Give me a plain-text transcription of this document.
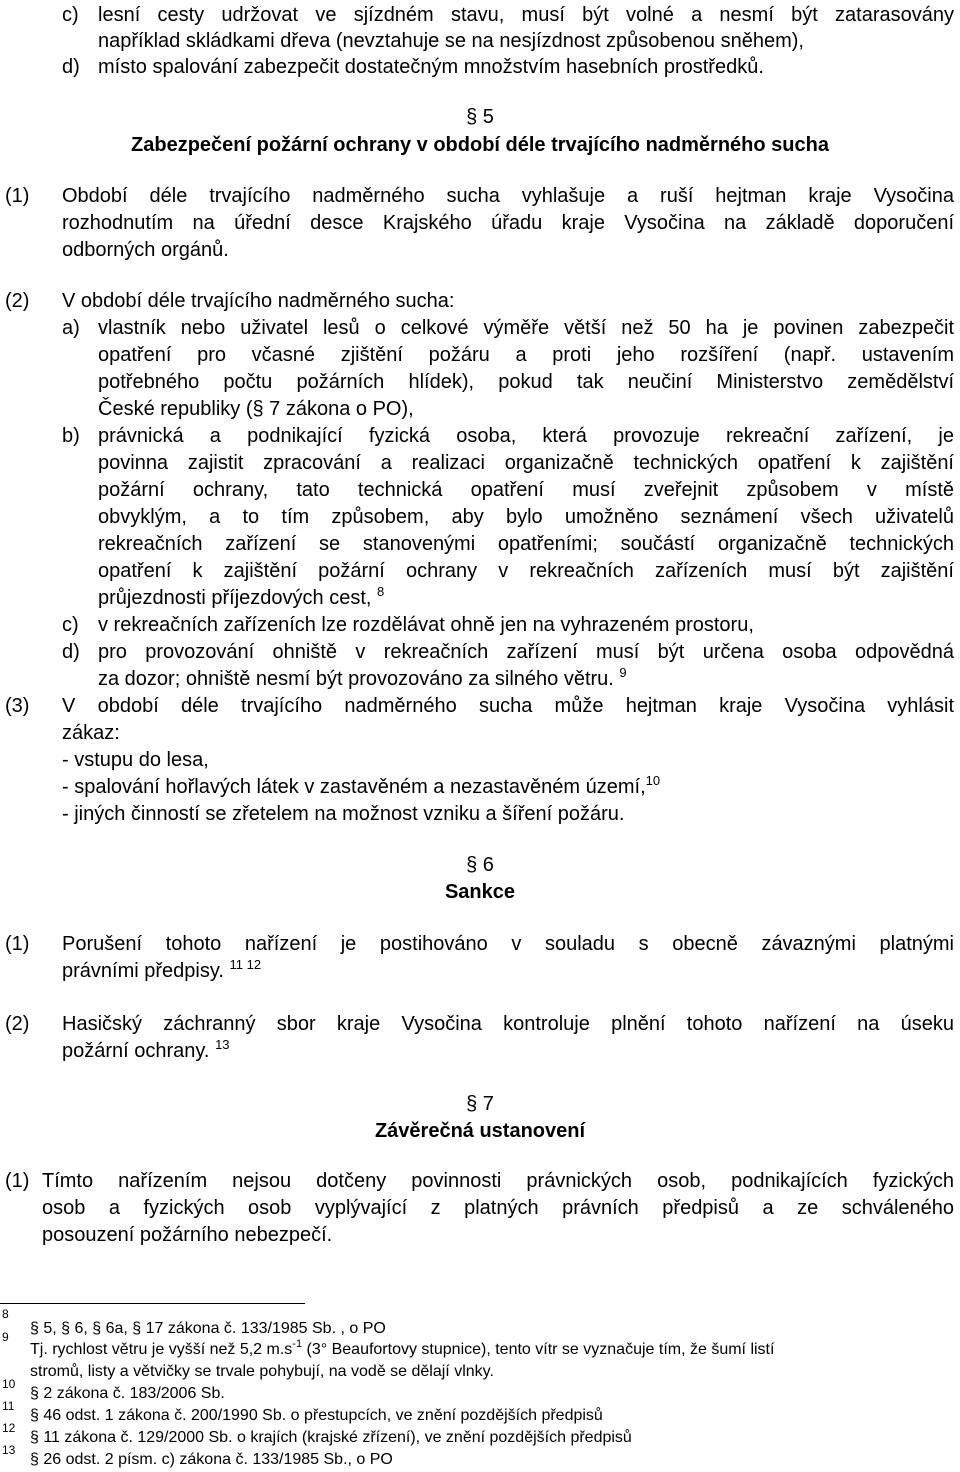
c) lesní cesty udržovat ve sjízdném stavu, musí být volné a nesmí být zatarasovány
například skládkami dřeva (nevztahuje se na nesjízdnost způsobenou sněhem),
d) místo spalování zabezpečit dostatečným množstvím hasebních prostředků.
§ 5
Zabezpečení požární ochrany v období déle trvajícího nadměrného sucha
(1) Období déle trvajícího nadměrného sucha vyhlašuje a ruší hejtman kraje Vysočina
rozhodnutím na úřední desce Krajského úřadu kraje Vysočina na základě doporučení
odborných orgánů.
(2) V období déle trvajícího nadměrného sucha:
a) vlastník nebo uživatel lesů o celkové výměře větší než 50 ha je povinen zabezpečit
opatření pro včasné zjištění požáru a proti jeho rozšíření (např. ustavením
potřebného počtu požárních hlídek), pokud tak neučiní Ministerstvo zemědělství
České republiky (§ 7 zákona o PO),
b) právnická a podnikající fyzická osoba, která provozuje rekreační zařízení, je
povinna zajistit zpracování a realizaci organizačně technických opatření k zajištění
požární ochrany, tato technická opatření musí zveřejnit způsobem v místě
obvyklým, a to tím způsobem, aby bylo umožněno seznámení všech uživatelů
rekreačních zařízení se stanovenými opatřeními; součástí organizačně technických
opatření k zajištění požární ochrany v rekreačních zařízeních musí být zajištění
průjezdnosti příjezdových cest, $^8$
c) v rekreačních zařízeních lze rozdělávat ohně jen na vyhrazeném prostoru,
d) pro provozování ohniště v rekreačních zařízení musí být určena osoba odpovědná
za dozor; ohniště nesmí být provozováno za silného větru. $^9$
(3) V období déle trvajícího nadměrného sucha může hejtman kraje Vysočina vyhlásit
zákaz:
- vstupu do lesa,
- spalování hořlavých látek v zastavěném a nezastavěném území,$^{10}$
- jiných činností se zřetelem na možnost vzniku a šíření požáru.
§ 6
Sankce
(1) Porušení tohoto nařízení je postihováno v souladu s obecně závaznými platnými
právními předpisy. $^{11 12}$
(2) Hasičský záchranný sbor kraje Vysočina kontroluje plnění tohoto nařízení na úseku
požární ochrany. $^{13}$
§ 7
Závěrečná ustanovení
(1) Tímto nařízením nejsou dotčeny povinnosti právnických osob, podnikajících fyzických
osob a fyzických osob vyplývající z platných právních předpisů a ze schváleného
posouzení požárního nebezpečí.
8
§ 5, § 6, § 6a, § 17 zákona č. 133/1985 Sb. , o PO
9
Tj. rychlost větru je vyšší než 5,2 $m.s^{-1}$ (3° Beaufortovy stupnice), tento vítr se vyznačuje tím, že šumí listí
stromů, listy a větvičky se trvale pohybují, na vodě se dělají vlnky.
10
§ 2 zákona č. 183/2006 Sb.
11
§ 46 odst. 1 zákona č. 200/1990 Sb. o přestupcích, ve znění pozdějších předpisů
12
§ 11 zákona č. 129/2000 Sb. o krajích (krajské zřízení), ve znění pozdějších předpisů
13
§ 26 odst. 2 písm. c) zákona č. 133/1985 Sb., o PO
